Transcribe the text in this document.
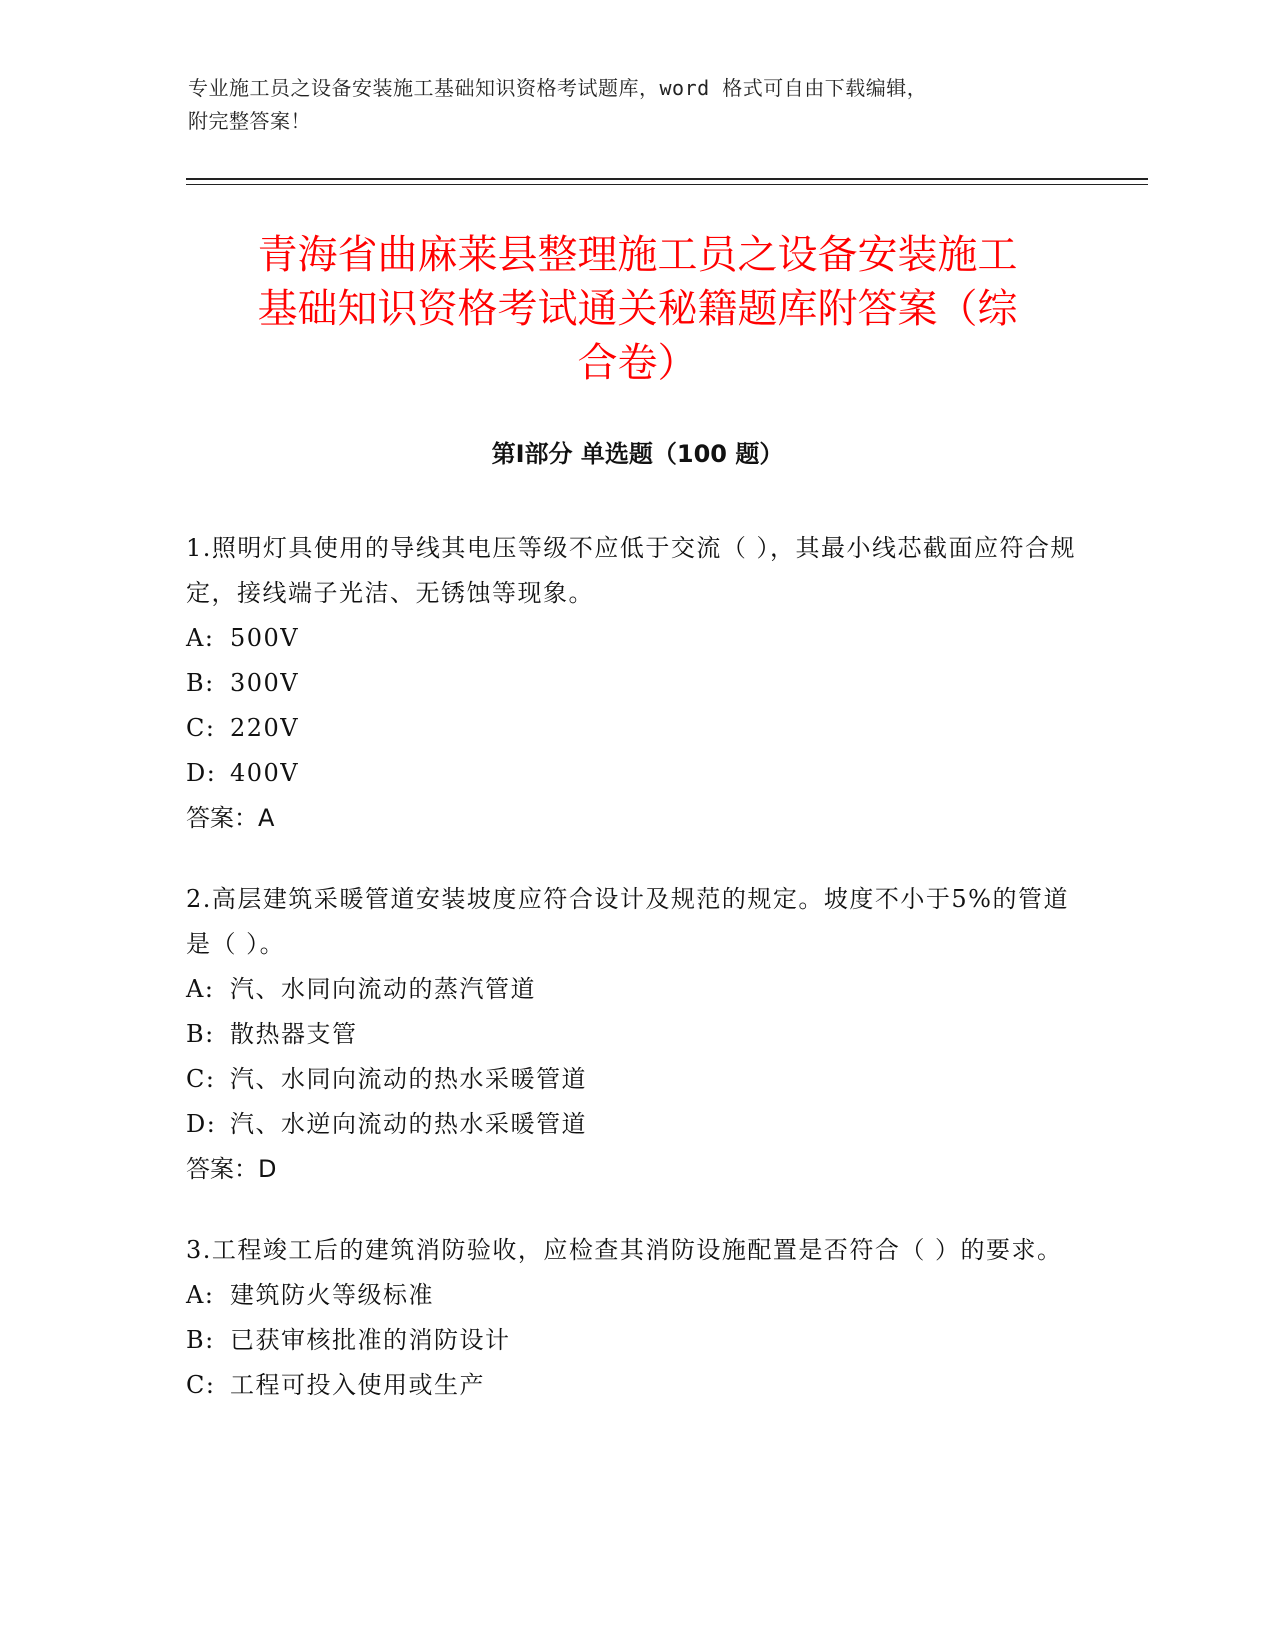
专业施工员之设备安装施工基础知识资格考试题库，word 格式可自由下载编辑，
附完整答案！
青海省曲麻莱县整理施工员之设备安装施工
基础知识资格考试通关秘籍题库附答案（综
合卷）
第Ⅰ部分 单选题（100 题）
1.照明灯具使用的导线其电压等级不应低于交流（ ），其最小线芯截面应符合规定，接线端子光洁、无锈蚀等现象。
A: 500V
B: 300V
C: 220V
D: 400V
答案：A
2.高层建筑采暖管道安装坡度应符合设计及规范的规定。坡度不小于5%的管道是（ ）。
A: 汽、水同向流动的蒸汽管道
B: 散热器支管
C: 汽、水同向流动的热水采暖管道
D: 汽、水逆向流动的热水采暖管道
答案：D
3.工程竣工后的建筑消防验收，应检查其消防设施配置是否符合（ ）的要求。
A: 建筑防火等级标准
B: 已获审核批准的消防设计
C: 工程可投入使用或生产
